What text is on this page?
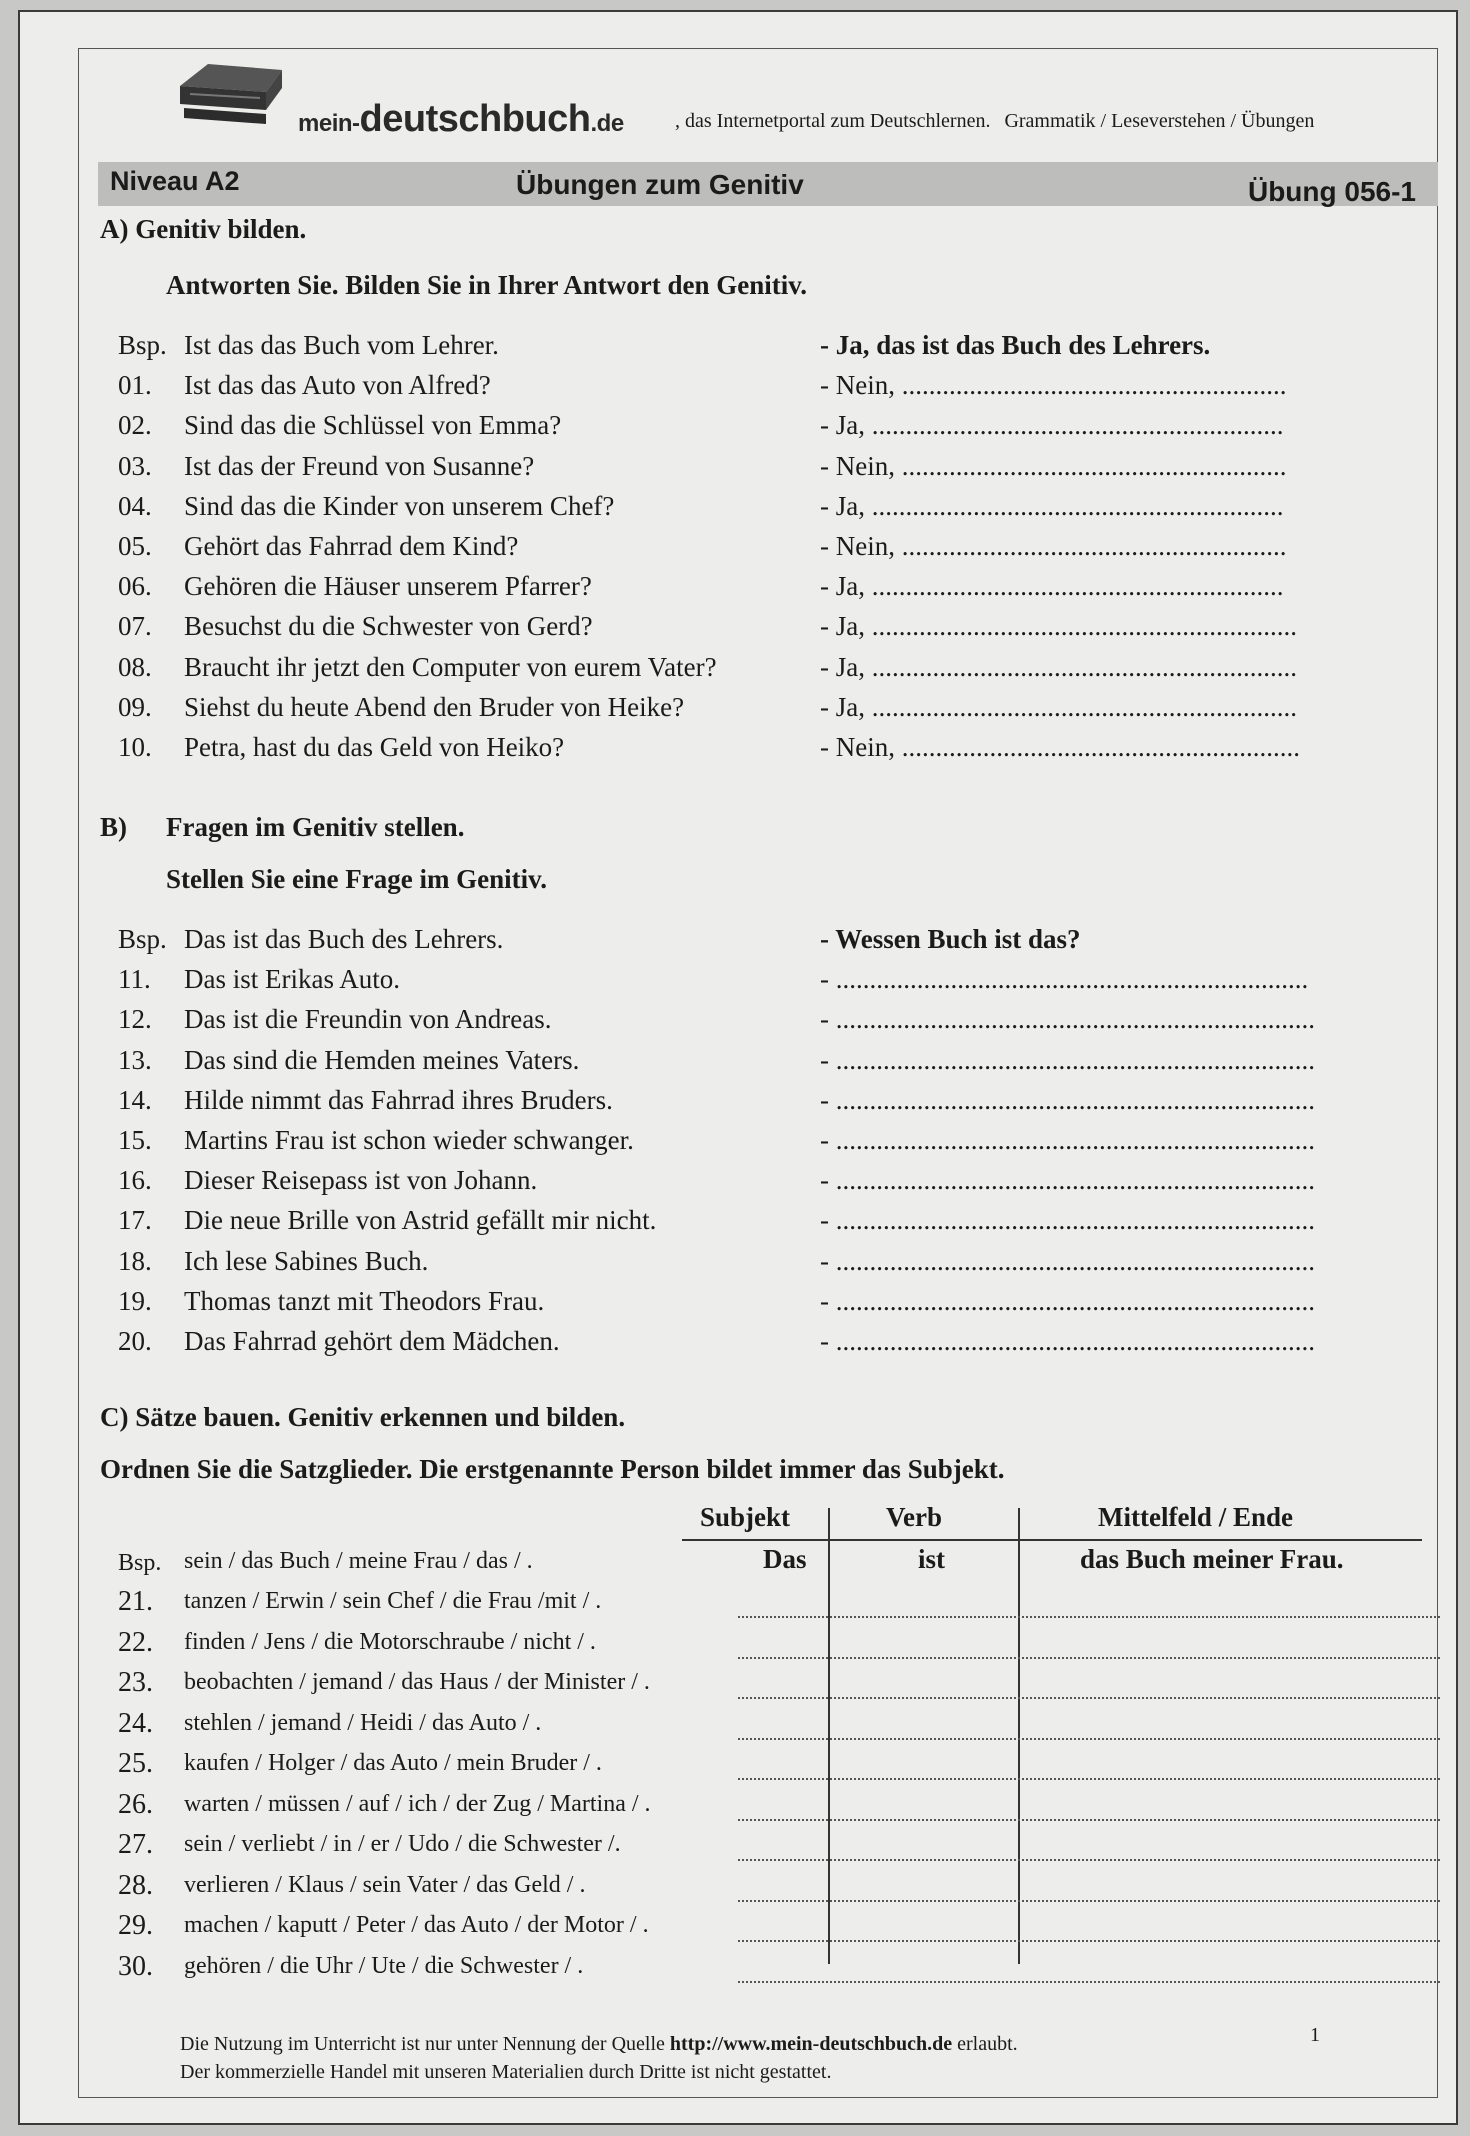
mein-deutschbuch.de	, das Internetportal zum Deutschlernen. Grammatik / Leseverstehen / Übungen
Niveau A2	Übungen zum Genitiv	Übung 056-1
A) Genitiv bilden.
Antworten Sie. Bilden Sie in Ihrer Antwort den Genitiv.
Bsp. Ist das das Buch vom Lehrer.	- Ja, das ist das Buch des Lehrers.
01. Ist das das Auto von Alfred?	- Nein, .........................................................
02. Sind das die Schlüssel von Emma?	- Ja, .............................................................
03. Ist das der Freund von Susanne?	- Nein, .........................................................
04. Sind das die Kinder von unserem Chef?	- Ja, .............................................................
05. Gehört das Fahrrad dem Kind?	- Nein, .........................................................
06. Gehören die Häuser unserem Pfarrer?	- Ja, .............................................................
07. Besuchst du die Schwester von Gerd?	- Ja, ...............................................................
08. Braucht ihr jetzt den Computer von eurem Vater?	- Ja, ...............................................................
09. Siehst du heute Abend den Bruder von Heike?	- Ja, ...............................................................
10. Petra, hast du das Geld von Heiko?	- Nein, ...........................................................
B) Fragen im Genitiv stellen.
Stellen Sie eine Frage im Genitiv.
Bsp. Das ist das Buch des Lehrers.	- Wessen Buch ist das?
11. Das ist Erikas Auto.	- ......................................................................
12. Das ist die Freundin von Andreas.	- .......................................................................
13. Das sind die Hemden meines Vaters.	- .......................................................................
14. Hilde nimmt das Fahrrad ihres Bruders.	- .......................................................................
15. Martins Frau ist schon wieder schwanger.	- .......................................................................
16. Dieser Reisepass ist von Johann.	- .......................................................................
17. Die neue Brille von Astrid gefällt mir nicht.	- .......................................................................
18. Ich lese Sabines Buch.	- .......................................................................
19. Thomas tanzt mit Theodors Frau.	- .......................................................................
20. Das Fahrrad gehört dem Mädchen.	- .......................................................................
C) Sätze bauen. Genitiv erkennen und bilden.
Ordnen Sie die Satzglieder. Die erstgenannte Person bildet immer das Subjekt.
Subjekt	Verb	Mittelfeld / Ende
Bsp. sein / das Buch / meine Frau / das / .	Das	ist	das Buch meiner Frau.
21. tanzen / Erwin / sein Chef / die Frau /mit / .
22. finden / Jens / die Motorschraube / nicht / .
23. beobachten / jemand / das Haus / der Minister / .
24. stehlen / jemand / Heidi / das Auto / .
25. kaufen / Holger / das Auto / mein Bruder / .
26. warten / müssen / auf / ich / der Zug / Martina / .
27. sein / verliebt / in / er / Udo / die Schwester /.
28. verlieren / Klaus / sein Vater / das Geld / .
29. machen / kaputt / Peter / das Auto / der Motor / .
30. gehören / die Uhr / Ute / die Schwester / .
Die Nutzung im Unterricht ist nur unter Nennung der Quelle http://www.mein-deutschbuch.de erlaubt.
Der kommerzielle Handel mit unseren Materialien durch Dritte ist nicht gestattet.
1
